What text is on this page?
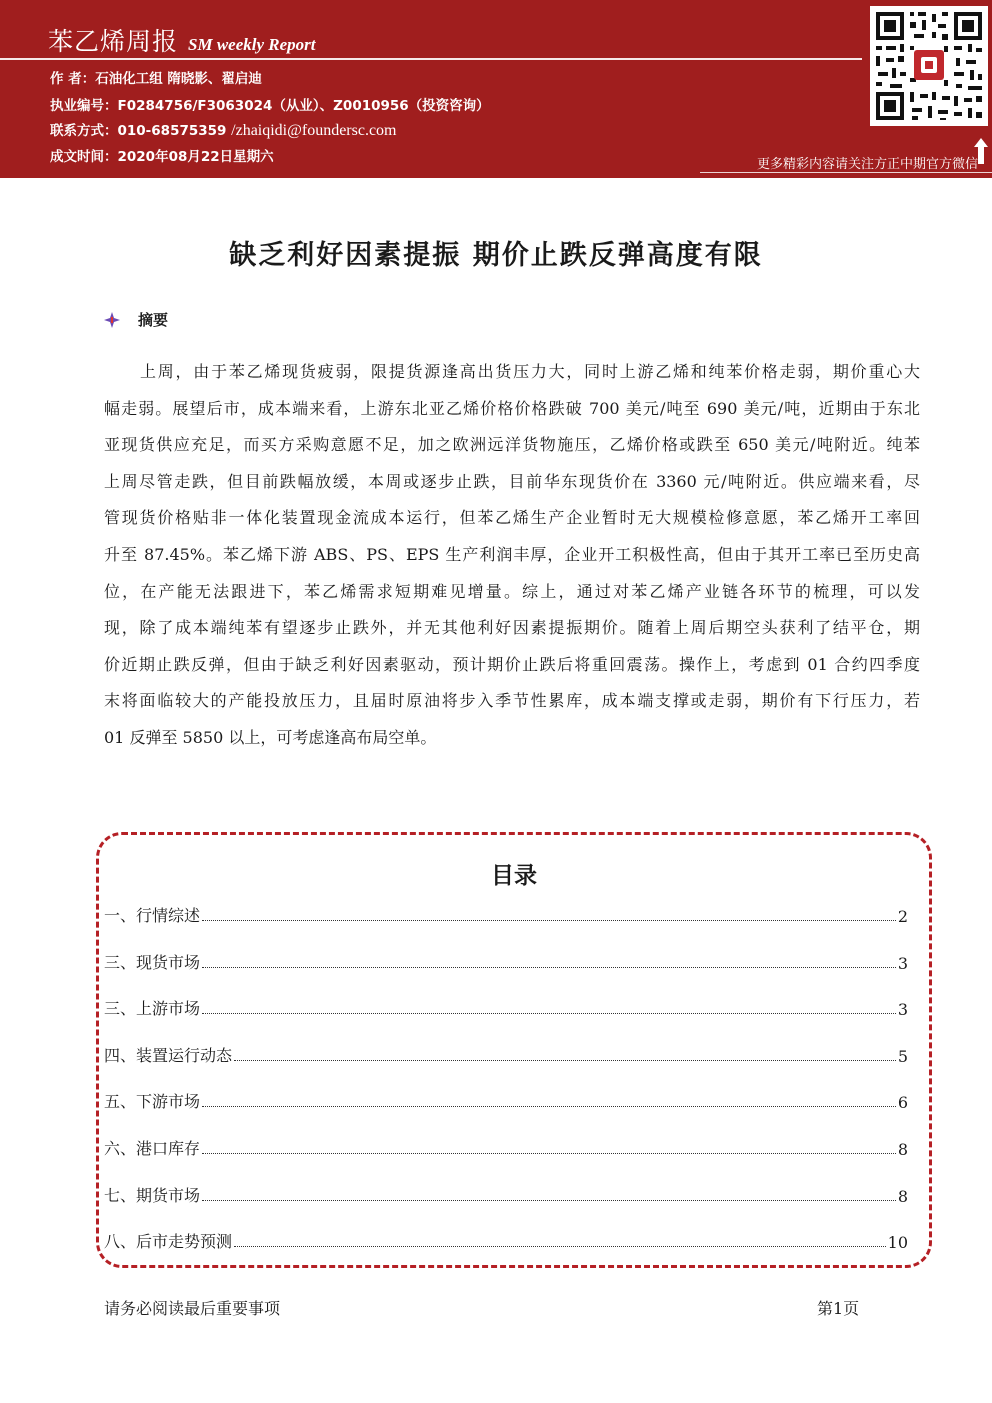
苯乙烯周报 SM weekly Report
作 者：石油化工组 隋晓影、翟启迪
执业编号：F0284756/F3063024（从业）、Z0010956（投资咨询）
联系方式：010-68575359 /zhaiqidi@foundersc.com
成文时间：2020年08月22日星期六	更多精彩内容请关注方正中期官方微信
缺乏利好因素提振 期价止跌反弹高度有限
摘要
上周，由于苯乙烯现货疲弱，限提货源逢高出货压力大，同时上游乙烯和纯苯价格走弱，期价重心大
幅走弱。展望后市，成本端来看，上游东北亚乙烯价格价格跌破 700 美元/吨至 690 美元/吨，近期由于东北
亚现货供应充足，而买方采购意愿不足，加之欧洲远洋货物施压，乙烯价格或跌至 650 美元/吨附近。纯苯
上周尽管走跌，但目前跌幅放缓，本周或逐步止跌，目前华东现货价在 3360 元/吨附近。供应端来看，尽
管现货价格贴非一体化装置现金流成本运行，但苯乙烯生产企业暂时无大规模检修意愿，苯乙烯开工率回
升至 87.45%。苯乙烯下游 ABS、PS、EPS 生产利润丰厚，企业开工积极性高，但由于其开工率已至历史高
位，在产能无法跟进下，苯乙烯需求短期难见增量。综上，通过对苯乙烯产业链各环节的梳理，可以发
现，除了成本端纯苯有望逐步止跌外，并无其他利好因素提振期价。随着上周后期空头获利了结平仓，期
价近期止跌反弹，但由于缺乏利好因素驱动，预计期价止跌后将重回震荡。操作上，考虑到 01 合约四季度
末将面临较大的产能投放压力，且届时原油将步入季节性累库，成本端支撑或走弱，期价有下行压力，若
01 反弹至 5850 以上，可考虑逢高布局空单。
目录
一、行情综述	2
三、现货市场	3
三、上游市场	3
四、装置运行动态	5
五、下游市场	6
六、港口库存	8
七、期货市场	8
八、后市走势预测	10
请务必阅读最后重要事项	第1页
